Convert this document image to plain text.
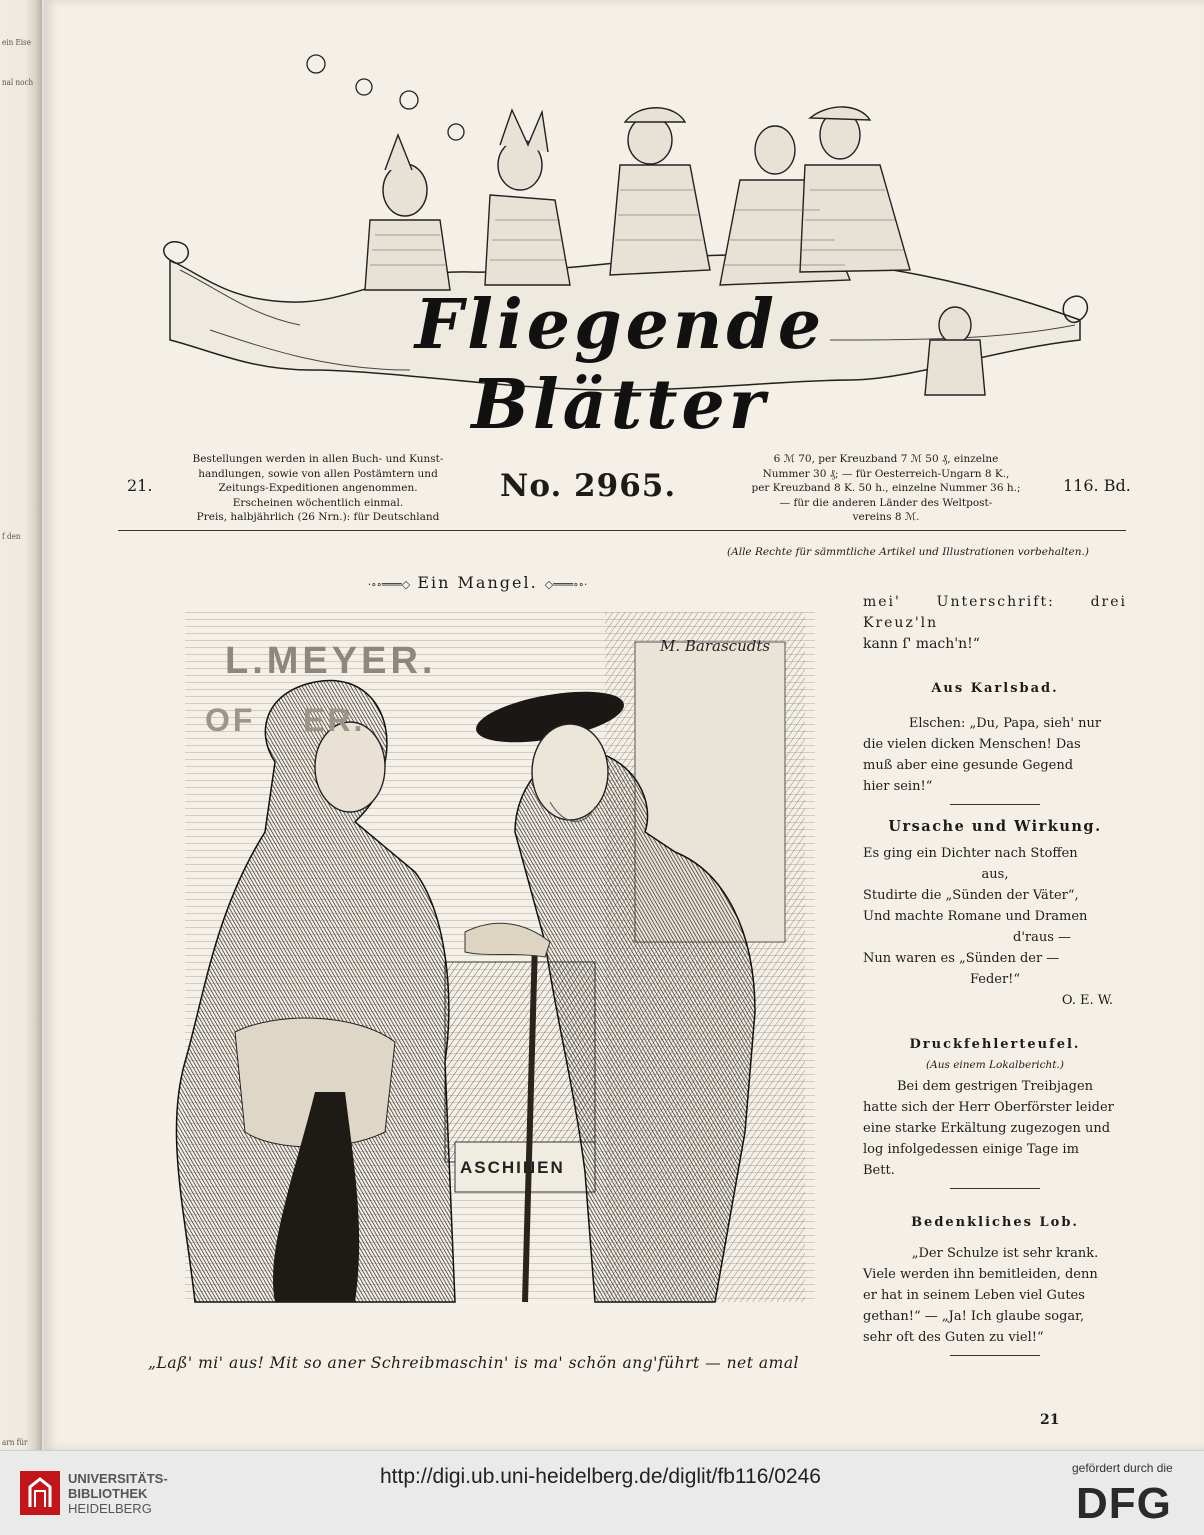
ein Eise
nal noch
f den
arn für
Fliegende Blätter
21.
Bestellungen werden in allen Buch- und Kunst-
handlungen, sowie von allen Postämtern und
Zeitungs-Expeditionen angenommen.
Erscheinen wöchentlich einmal.
Preis, halbjährlich (26 Nrn.): für Deutschland
No. 2965.
6 ℳ 70, per Kreuzband 7 ℳ 50 ₰, einzelne
Nummer 30 ₰; — für Oesterreich-Ungarn 8 K.,
per Kreuzband 8 K. 50 h., einzelne Nummer 36 h.;
— für die anderen Länder des Weltpost-
vereins 8 ℳ.
116. Bd.
(Alle Rechte für sämmtliche Artikel und Illustrationen vorbehalten.)
·∘∘═══◇ Ein Mangel. ◇═══∘∘·
L.MEYER.
OF    ER.
ASCHINEN
M. Barascudts
„Laß' mi' aus! Mit so aner Schreibmaschin' is ma' schön ang'führt — net amal
mei' Unterschrift: drei Kreuz'ln
kann ſ' mach'n!“
Aus Karlsbad.
Elschen: „Du, Papa, sieh' nur
die vielen dicken Menschen! Das
muß aber eine gesunde Gegend
hier sein!“
Ursache und Wirkung.
Es ging ein Dichter nach Stoffen
aus,
Studirte die „Sünden der Väter“,
Und machte Romane und Dramen
d'raus —
Nun waren es „Sünden der —
Feder!“
O. E. W.
Druckfehlerteufel.
(Aus einem Lokalbericht.)
Bei dem gestrigen Treibjagen
hatte sich der Herr Oberförster leider
eine starke Erkältung zugezogen und
log infolgedessen einige Tage im
Bett.
Bedenkliches Lob.
„Der Schulze ist sehr krank.
Viele werden ihn bemitleiden, denn
er hat in seinem Leben viel Gutes
gethan!“ — „Ja! Ich glaube sogar,
sehr oft des Guten zu viel!“
21
UNIVERSITÄTS-
BIBLIOTHEK
HEIDELBERG
http://digi.ub.uni-heidelberg.de/diglit/fb116/0246	gefördert durch die
DFG
